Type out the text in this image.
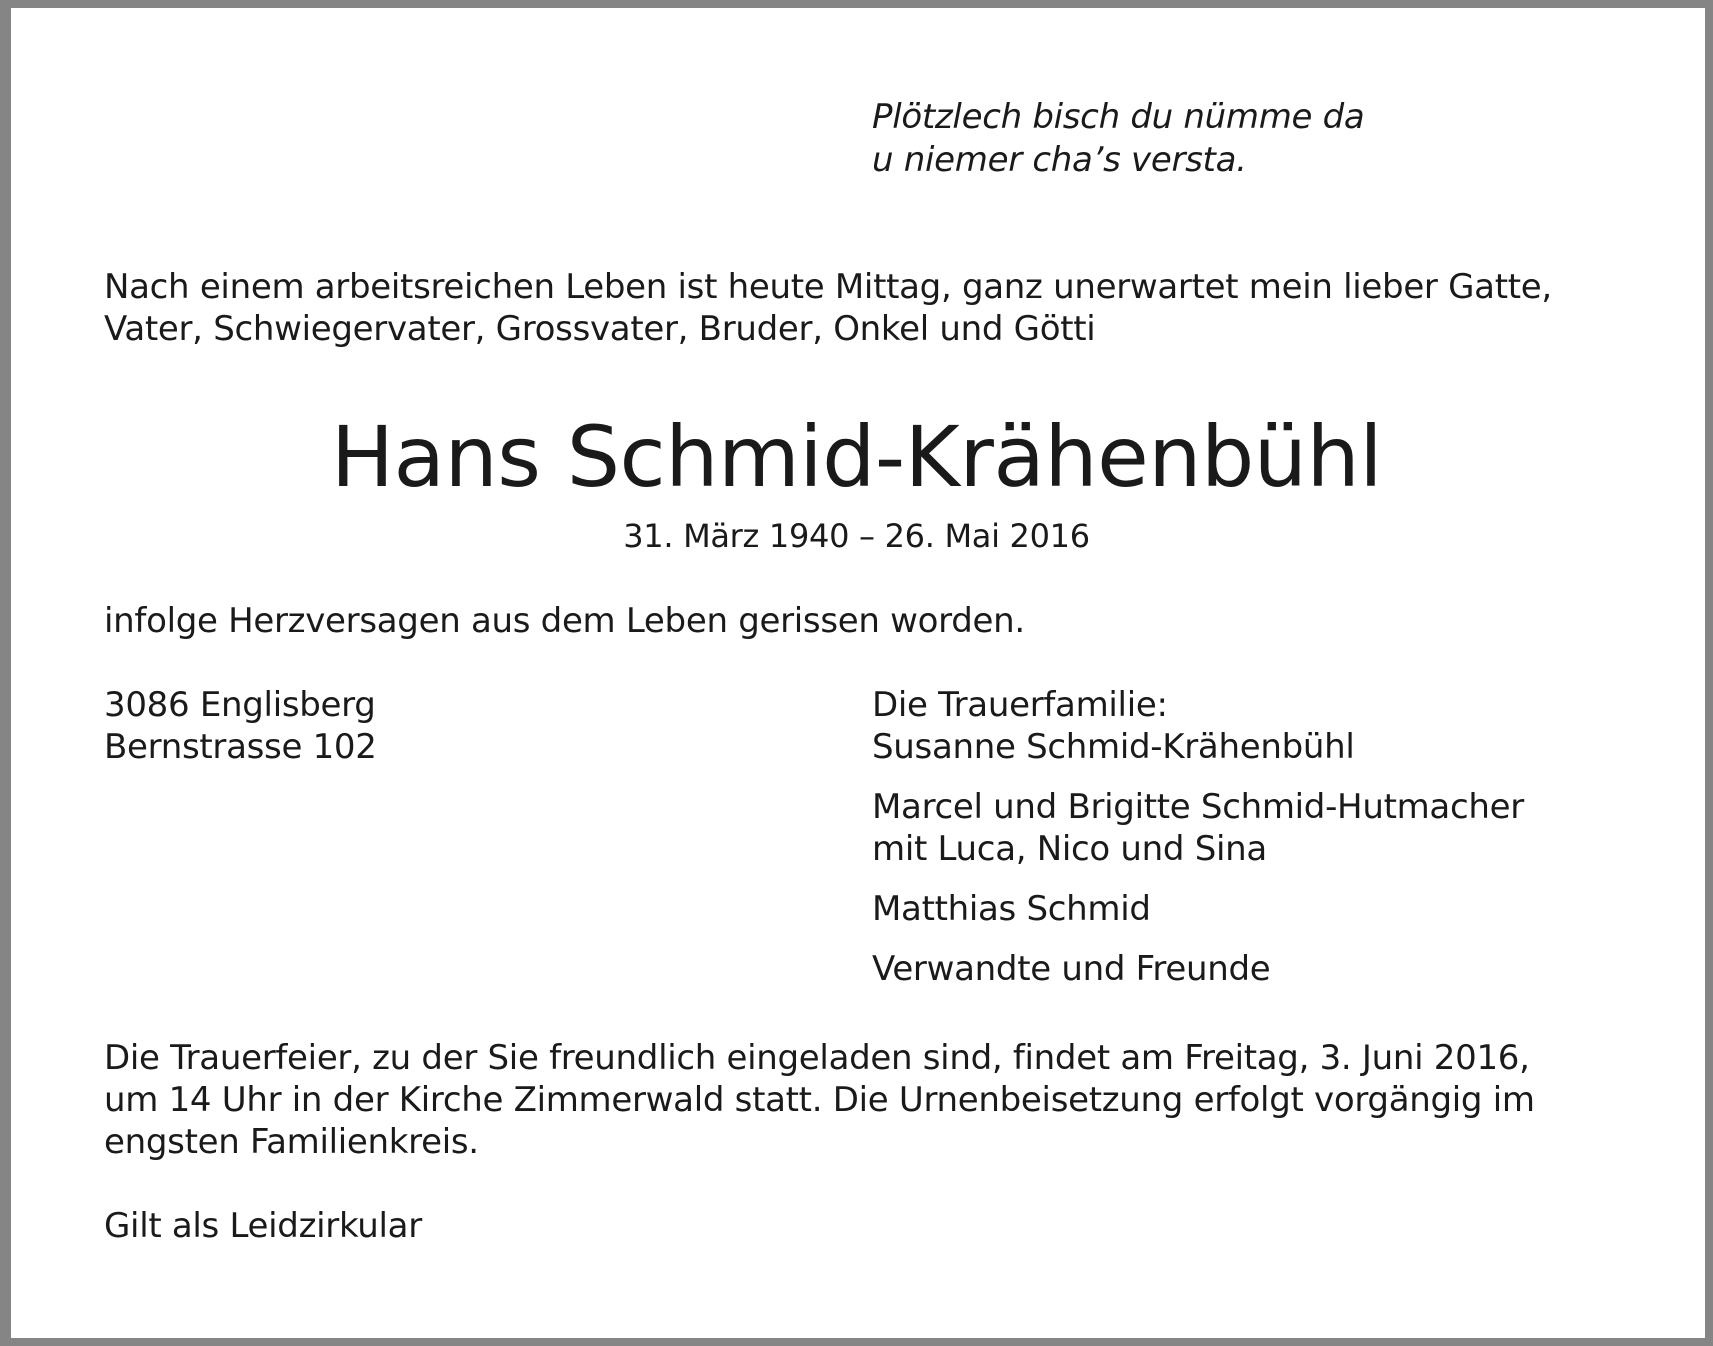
Plötzlech bisch du nümme da
u niemer cha’s versta.
Nach einem arbeitsreichen Leben ist heute Mittag, ganz unerwartet mein lieber Gatte,
Vater, Schwiegervater, Grossvater, Bruder, Onkel und Götti
Hans Schmid-Krähenbühl
31. März 1940 – 26. Mai 2016
infolge Herzversagen aus dem Leben gerissen worden.
3086 Englisberg
Bernstrasse 102
Die Trauerfamilie:
Susanne Schmid-Krähenbühl
Marcel und Brigitte Schmid-Hutmacher
mit Luca, Nico und Sina
Matthias Schmid
Verwandte und Freunde
Die Trauerfeier, zu der Sie freundlich eingeladen sind, findet am Freitag, 3. Juni 2016,
um 14 Uhr in der Kirche Zimmerwald statt. Die Urnenbeisetzung erfolgt vorgängig im
engsten Familienkreis.
Gilt als Leidzirkular
